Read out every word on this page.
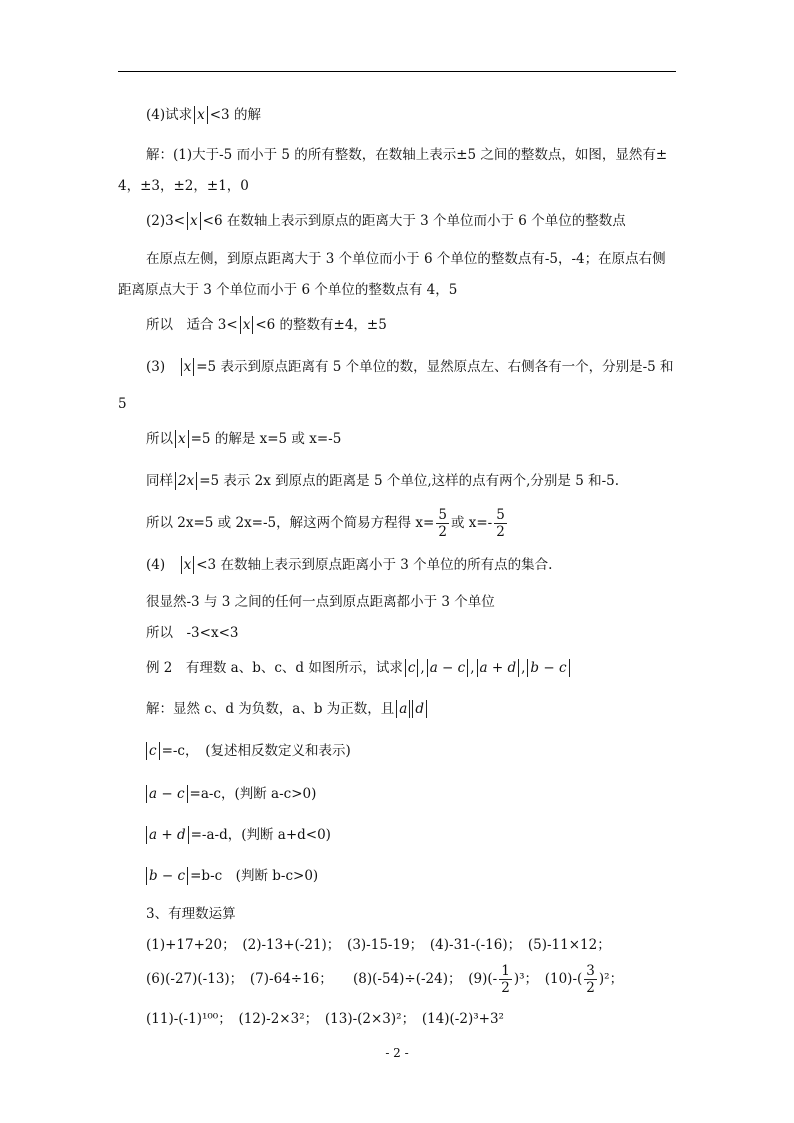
(4)试求 x <3 的解
解：(1)大于-5 而小于 5 的所有整数，在数轴上表示±5 之间的整数点，如图，显然有±
4，±3，±2，±1，0
(2)3< x <6 在数轴上表示到原点的距离大于 3 个单位而小于 6 个单位的整数点
在原点左侧，到原点距离大于 3 个单位而小于 6 个单位的整数点有-5，-4；在原点右侧
距离原点大于 3 个单位而小于 6 个单位的整数点有 4，5
所以　适合 3< x <6 的整数有±4，±5
(3)　x =5 表示到原点距离有 5 个单位的数，显然原点左、右侧各有一个，分别是-5 和
5
所以 x =5 的解是 x=5 或 x=-5
同样 2x =5 表示 2x 到原点的距离是 5 个单位,这样的点有两个,分别是 5 和-5.
所以 2x=5 或 2x=-5，解这两个简易方程得 $x= \frac{5}{2}$ 或 $x=- \frac{5}{2}$
(4)　x <3 在数轴上表示到原点距离小于 3 个单位的所有点的集合.
很显然-3 与 3 之间的任何一点到原点距离都小于 3 个单位
所以　-3<x<3
例 2　有理数 a、b、c、d 如图所示，试求 c , a − c , a + d , b − c
解：显然 c、d 为负数，a、b 为正数，且 a d
c =-c，　(复述相反数定义和表示)
a − c =a-c，(判断 a-c>0)
a + d =-a-d，(判断 a+d<0)
b − c =b-c　(判断 b-c>0)
3、有理数运算
(1)+17+20；　(2)-13+(-21)；　(3)-15-19；　(4)-31-(-16)；　(5)-11×12；
(6)(-27)(-13)；　(7)-64÷16；　　(8)(-54)÷(-24)；　$(9)(- \frac{1}{2} )^3$；　$(10)-( \frac{3}{2} )^2$；
(11)-(-1)¹⁰⁰；　(12)-2×3²；　(13)-(2×3)²；　(14)(-2)³+3²
- 2 -
